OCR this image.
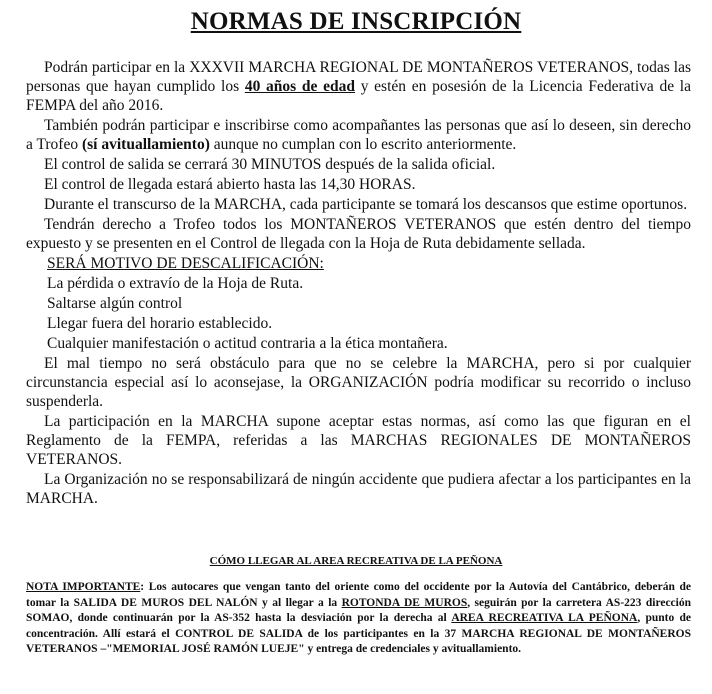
NORMAS DE INSCRIPCIÓN

Podrán participar en la XXXVII MARCHA REGIONAL DE MONTAÑEROS VETERANOS, todas las personas que hayan cumplido los 40 años de edad y estén en posesión de la Licencia Federativa de la FEMPA del año 2016.

También podrán participar e inscribirse como acompañantes las personas que así lo deseen, sin derecho a Trofeo (sí avituallamiento) aunque no cumplan con lo escrito anteriormente.

El control de salida se cerrará 30 MINUTOS después de la salida oficial.

El control de llegada estará abierto hasta las 14,30 HORAS.

Durante el transcurso de la MARCHA, cada participante se tomará los descansos que estime oportunos.

Tendrán derecho a Trofeo todos los MONTAÑEROS VETERANOS que estén dentro del tiempo expuesto y se presenten en el Control de llegada con la Hoja de Ruta debidamente sellada.

SERÁ MOTIVO DE DESCALIFICACIÓN:

La pérdida o extravío de la Hoja de Ruta.

Saltarse algún control

Llegar fuera del horario establecido.

Cualquier manifestación o actitud contraria a la ética montañera.

El mal tiempo no será obstáculo para que no se celebre la MARCHA, pero si por cualquier circunstancia especial así lo aconsejase, la ORGANIZACIÓN podría modificar su recorrido o incluso suspenderla.

La participación en la MARCHA supone aceptar estas normas, así como las que figuran en el Reglamento de la FEMPA, referidas a las MARCHAS REGIONALES DE MONTAÑEROS VETERANOS.

La Organización no se responsabilizará de ningún accidente que pudiera afectar a los participantes en la MARCHA.

CÓMO LLEGAR AL AREA RECREATIVA DE LA PEÑONA
NOTA IMPORTANTE: Los autocares que vengan tanto del oriente como del occidente por la Autovía del Cantábrico, deberán de tomar la SALIDA DE MUROS DEL NALÓN y al llegar a la ROTONDA DE MUROS, seguirán por la carretera AS-223 dirección SOMAO, donde continuarán por la AS-352 hasta la desviación por la derecha al AREA RECREATIVA LA PEÑONA, punto de concentración. Allí estará el CONTROL DE SALIDA de los participantes en la 37 MARCHA REGIONAL DE MONTAÑEROS VETERANOS –"MEMORIAL JOSÉ RAMÓN LUEJE" y entrega de credenciales y avituallamiento.
